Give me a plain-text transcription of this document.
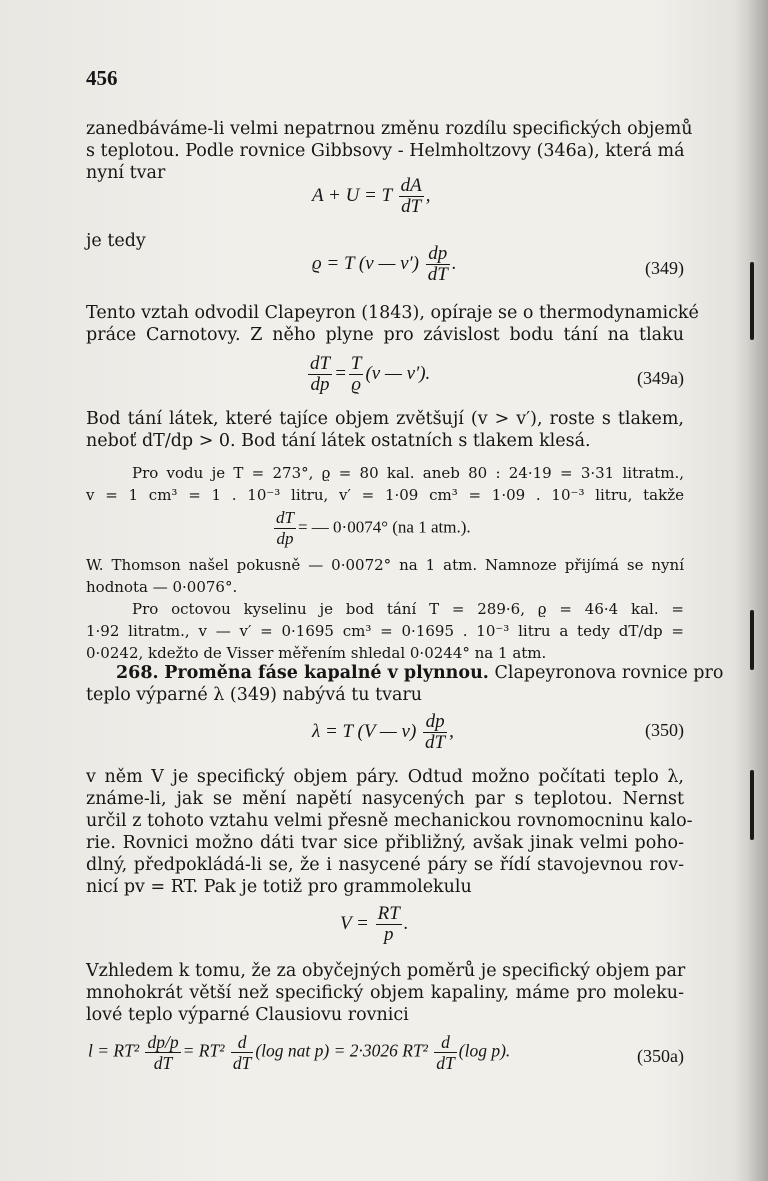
456
zanedbáváme-li velmi nepatrnou změnu rozdílu specifických objemů
s teplotou. Podle rovnice Gibbsovy - Helmholtzovy (346a), která má
nyní tvar
A + U = T $\frac{dA}{dT}$ ,
je tedy
ϱ = T (v — $v') \frac{dp}{dT}$ .	(349)
Tento vztah odvodil Clapeyron (1843), opíraje se o thermodynamické
práce Carnotovy. Z něho plyne pro závislost bodu tání na tlaku
$\frac{dT}{dp} = \frac{T}{ϱ} (v$ — v′).	(349a)
Bod tání látek, které tajíce objem zvětšují (v > v′), roste s tlakem,
neboť dT/dp > 0. Bod tání látek ostatních s tlakem klesá.
Pro vodu je T = 273°, ϱ = 80 kal. aneb 80 : 24·19 = 3·31 litratm.,
v = 1 cm³ = 1 . 10⁻³ litru, v′ = 1·09 cm³ = 1·09 . 10⁻³ litru, takže
$\frac{dT}{dp}$ = — 0·0074° (na 1 atm.).
W. Thomson našel pokusně — 0·0072° na 1 atm. Namnoze přijímá se nyní
hodnota — 0·0076°.
Pro octovou kyselinu je bod tání T = 289·6, ϱ = 46·4 kal. =
1·92 litratm., v — v′ = 0·1695 cm³ = 0·1695 . 10⁻³ litru a tedy dT/dp =
0·0242, kdežto de Visser měřením shledal 0·0244° na 1 atm.
268. Proměna fáse kapalné v plynnou. Clapeyronova rovnice pro
teplo výparné λ (349) nabývá tu tvaru
λ = T (V — $v) \frac{dp}{dT}$ ,	(350)
v něm V je specifický objem páry. Odtud možno počítati teplo λ,
známe-li, jak se mění napětí nasycených par s teplotou. Nernst
určil z tohoto vztahu velmi přesně mechanickou rovnomocninu kalo-
rie. Rovnici možno dáti tvar sice přibližný, avšak jinak velmi poho-
dlný, předpokládá-li se, že i nasycené páry se řídí stavojevnou rov-
nicí pv = RT. Pak je totiž pro grammolekulu
$V = \frac{RT}{p}$ .
Vzhledem k tomu, že za obyčejných poměrů je specifický objem par
mnohokrát větší než specifický objem kapaliny, máme pro moleku-
lové teplo výparné Clausiovu rovnici
$l = RT^2 \frac{dp/p}{dT} = RT^2 \frac{d}{dT} (\log$ nat p) = 2·3026 $RT^2 \frac{d}{dT} (\log$ p).	(350a)
